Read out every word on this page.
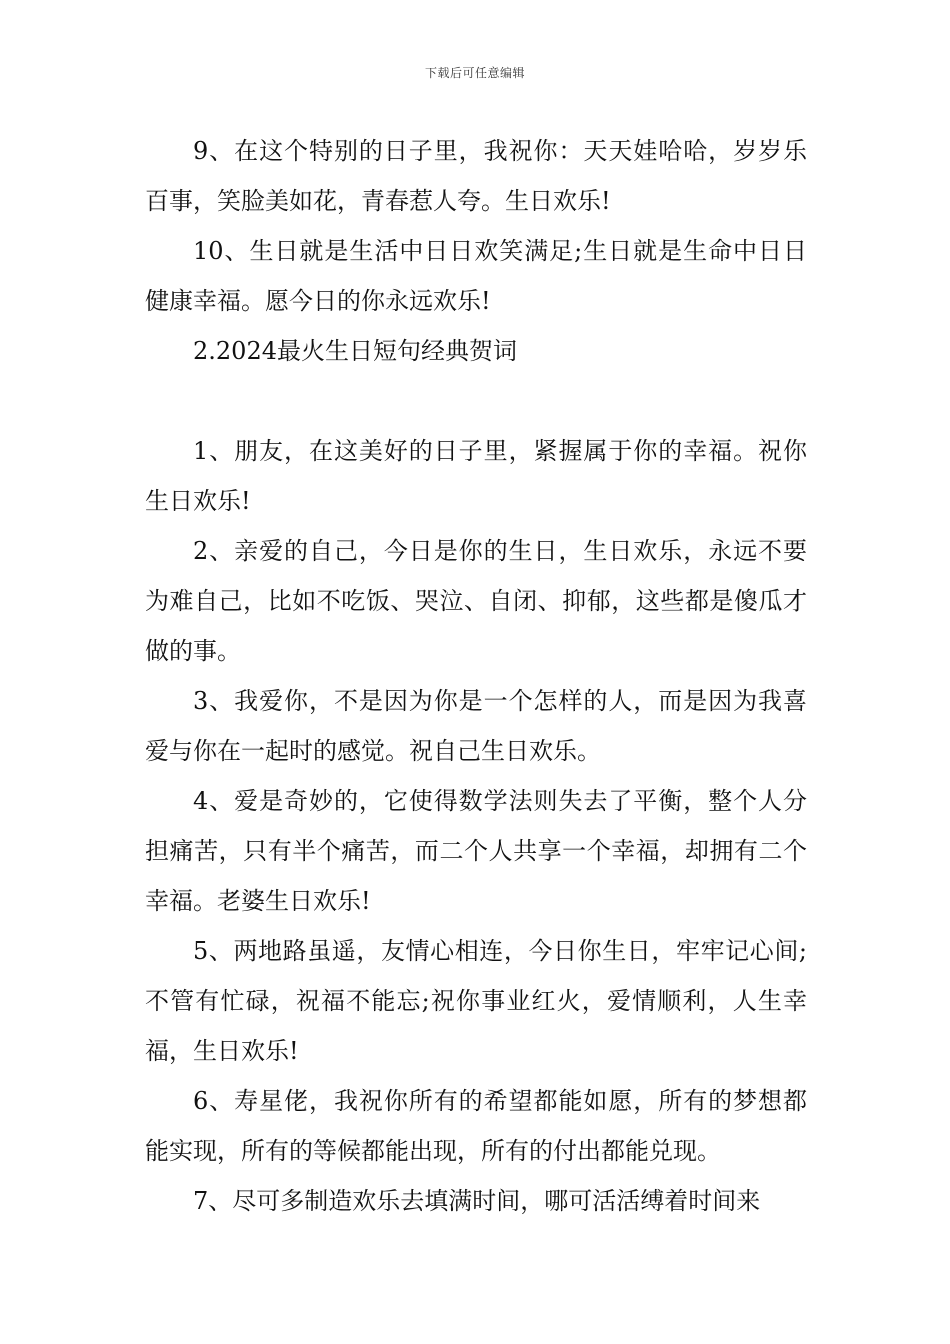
下载后可任意编辑

9、在这个特别的日子里，我祝你：天天娃哈哈，岁岁乐百事，笑脸美如花，青春惹人夸。生日欢乐!

10、生日就是生活中日日欢笑满足;生日就是生命中日日健康幸福。愿今日的你永远欢乐!

2.2024最火生日短句经典贺词

1、朋友，在这美好的日子里，紧握属于你的幸福。祝你生日欢乐!

2、亲爱的自己，今日是你的生日，生日欢乐，永远不要为难自己，比如不吃饭、哭泣、自闭、抑郁，这些都是傻瓜才做的事。

3、我爱你，不是因为你是一个怎样的人，而是因为我喜爱与你在一起时的感觉。祝自己生日欢乐。

4、爱是奇妙的，它使得数学法则失去了平衡，整个人分担痛苦，只有半个痛苦，而二个人共享一个幸福，却拥有二个幸福。老婆生日欢乐!

5、两地路虽遥，友情心相连，今日你生日，牢牢记心间;不管有忙碌，祝福不能忘;祝你事业红火，爱情顺利，人生幸福，生日欢乐!

6、寿星佬，我祝你所有的希望都能如愿，所有的梦想都能实现，所有的等候都能出现，所有的付出都能兑现。

7、尽可多制造欢乐去填满时间，哪可活活缚着时间来
